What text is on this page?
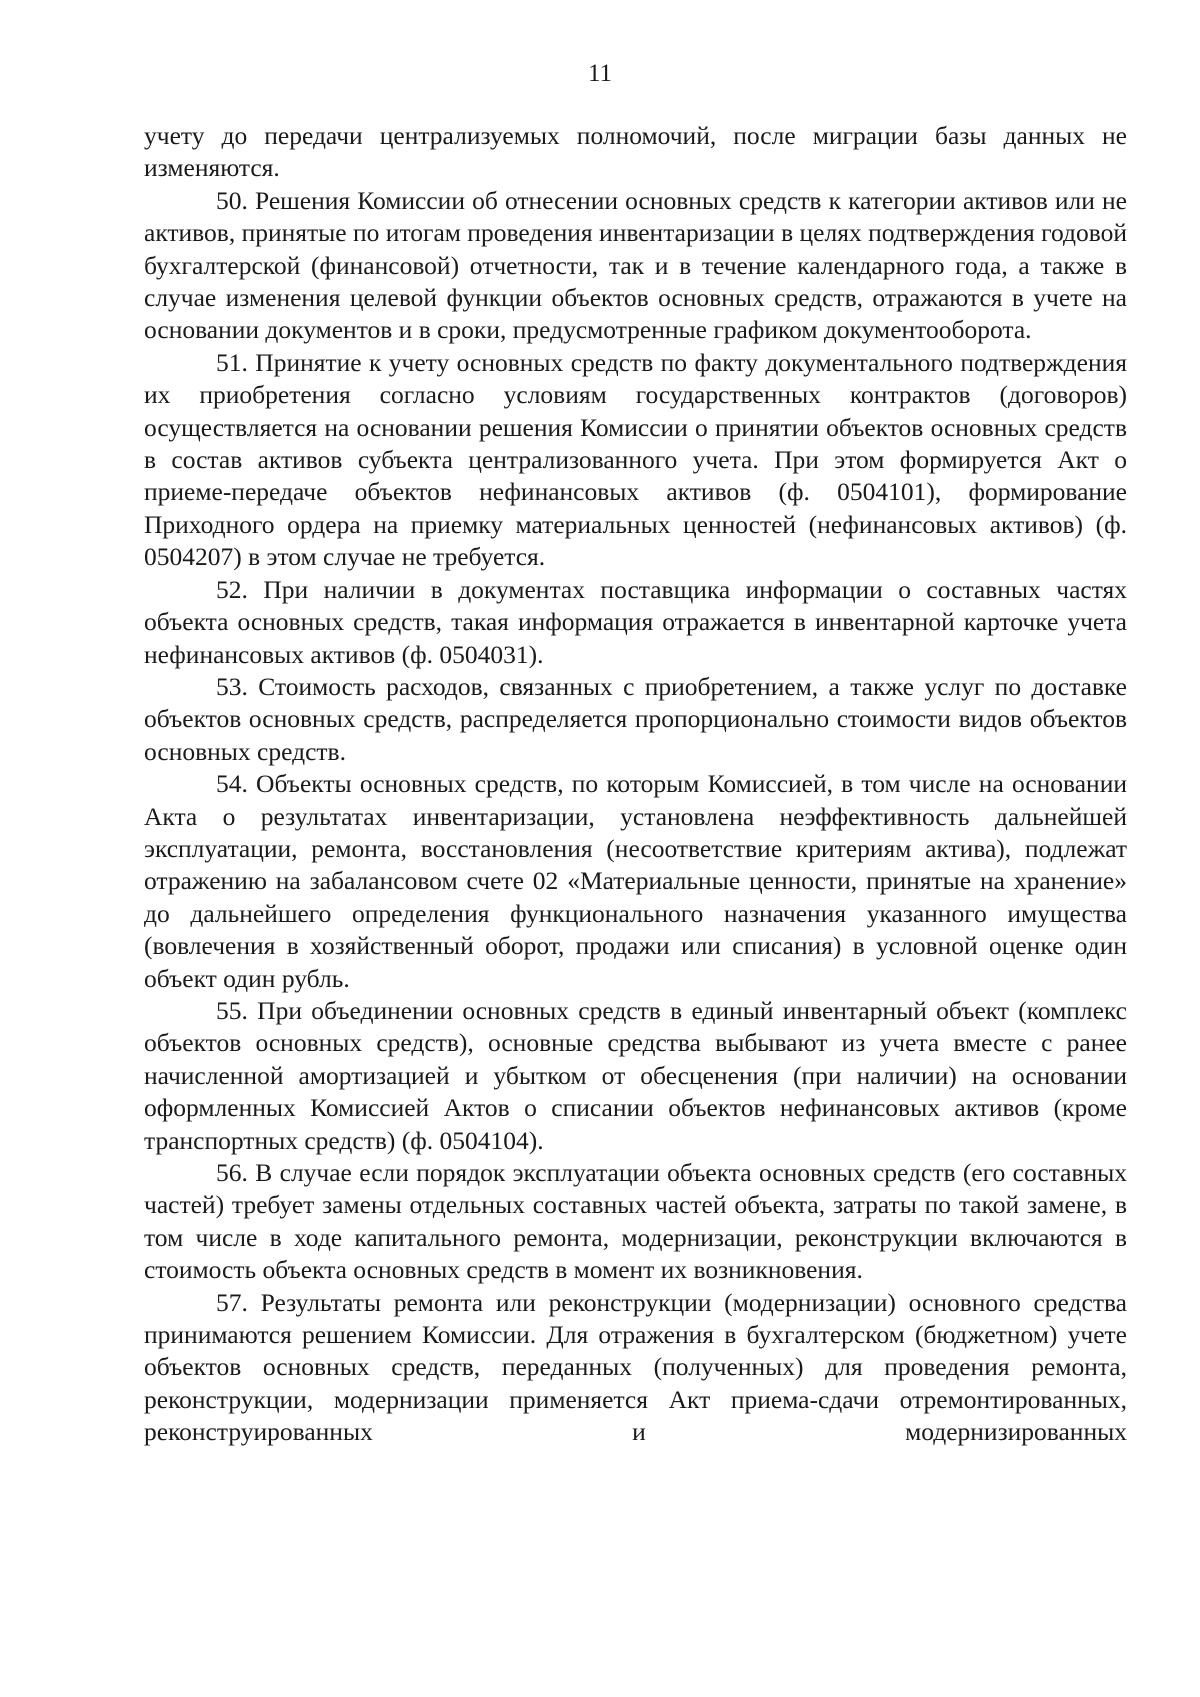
11

учету до передачи централизуемых полномочий, после миграции базы данных не изменяются.

50. Решения Комиссии об отнесении основных средств к категории активов или не активов, принятые по итогам проведения инвентаризации в целях подтверждения годовой бухгалтерской (финансовой) отчетности, так и в течение календарного года, а также в случае изменения целевой функции объектов основных средств, отражаются в учете на основании документов и в сроки, предусмотренные графиком документооборота.

51. Принятие к учету основных средств по факту документального подтверждения их приобретения согласно условиям государственных контрактов (договоров) осуществляется на основании решения Комиссии о принятии объектов основных средств в состав активов субъекта централизованного учета. При этом формируется Акт о приеме-передаче объектов нефинансовых активов (ф. 0504101), формирование Приходного ордера на приемку материальных ценностей (нефинансовых активов) (ф. 0504207) в этом случае не требуется.

52. При наличии в документах поставщика информации о составных частях объекта основных средств, такая информация отражается в инвентарной карточке учета нефинансовых активов (ф. 0504031).

53. Стоимость расходов, связанных с приобретением, а также услуг по доставке объектов основных средств, распределяется пропорционально стоимости видов объектов основных средств.

54. Объекты основных средств, по которым Комиссией, в том числе на основании Акта о результатах инвентаризации, установлена неэффективность дальнейшей эксплуатации, ремонта, восстановления (несоответствие критериям актива), подлежат отражению на забалансовом счете 02 «Материальные ценности, принятые на хранение» до дальнейшего определения функционального назначения указанного имущества (вовлечения в хозяйственный оборот, продажи или списания) в условной оценке один объект один рубль.

55. При объединении основных средств в единый инвентарный объект (комплекс объектов основных средств), основные средства выбывают из учета вместе с ранее начисленной амортизацией и убытком от обесценения (при наличии) на основании оформленных Комиссией Актов о списании объектов нефинансовых активов (кроме транспортных средств) (ф. 0504104).

56. В случае если порядок эксплуатации объекта основных средств (его составных частей) требует замены отдельных составных частей объекта, затраты по такой замене, в том числе в ходе капитального ремонта, модернизации, реконструкции включаются в стоимость объекта основных средств в момент их возникновения.

57. Результаты ремонта или реконструкции (модернизации) основного средства принимаются решением Комиссии. Для отражения в бухгалтерском (бюджетном) учете объектов основных средств, переданных (полученных) для проведения ремонта, реконструкции, модернизации применяется Акт приема-сдачи отремонтированных, реконструированных и модернизированных
